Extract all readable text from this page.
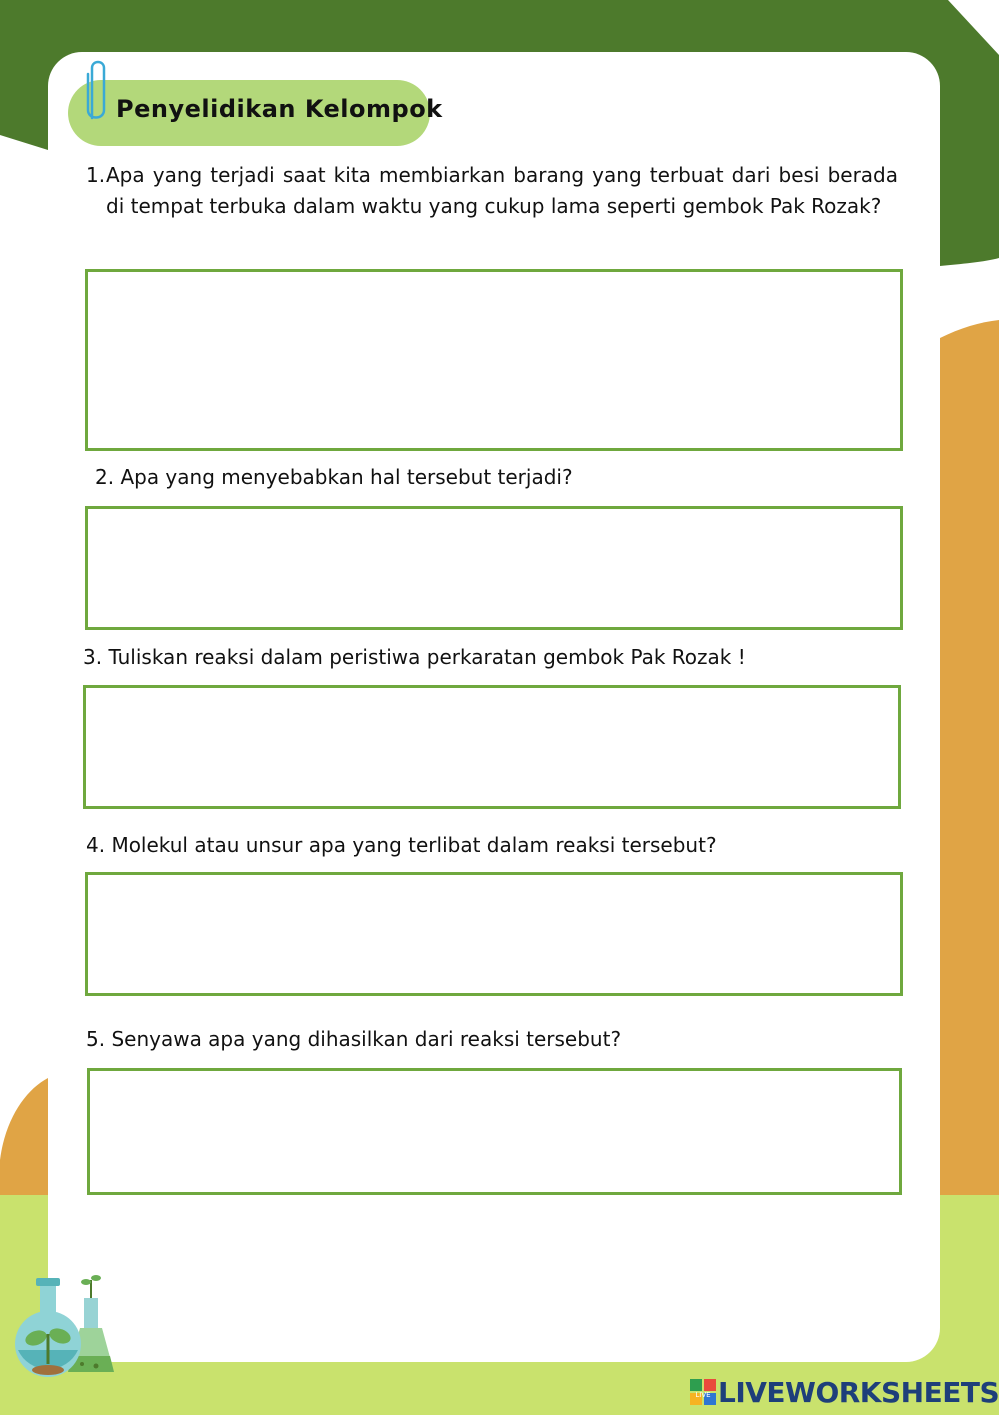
Penyelidikan Kelompok
1. Apa yang terjadi saat kita membiarkan barang yang terbuat dari besi berada di tempat terbuka dalam waktu yang cukup lama seperti gembok Pak Rozak?
2. Apa yang menyebabkan hal tersebut terjadi?
3. Tuliskan reaksi dalam peristiwa perkaratan gembok Pak Rozak !
4. Molekul atau unsur apa yang terlibat dalam reaksi tersebut?
5. Senyawa apa yang dihasilkan dari reaksi tersebut?
LIVE LIVEWORKSHEETS
